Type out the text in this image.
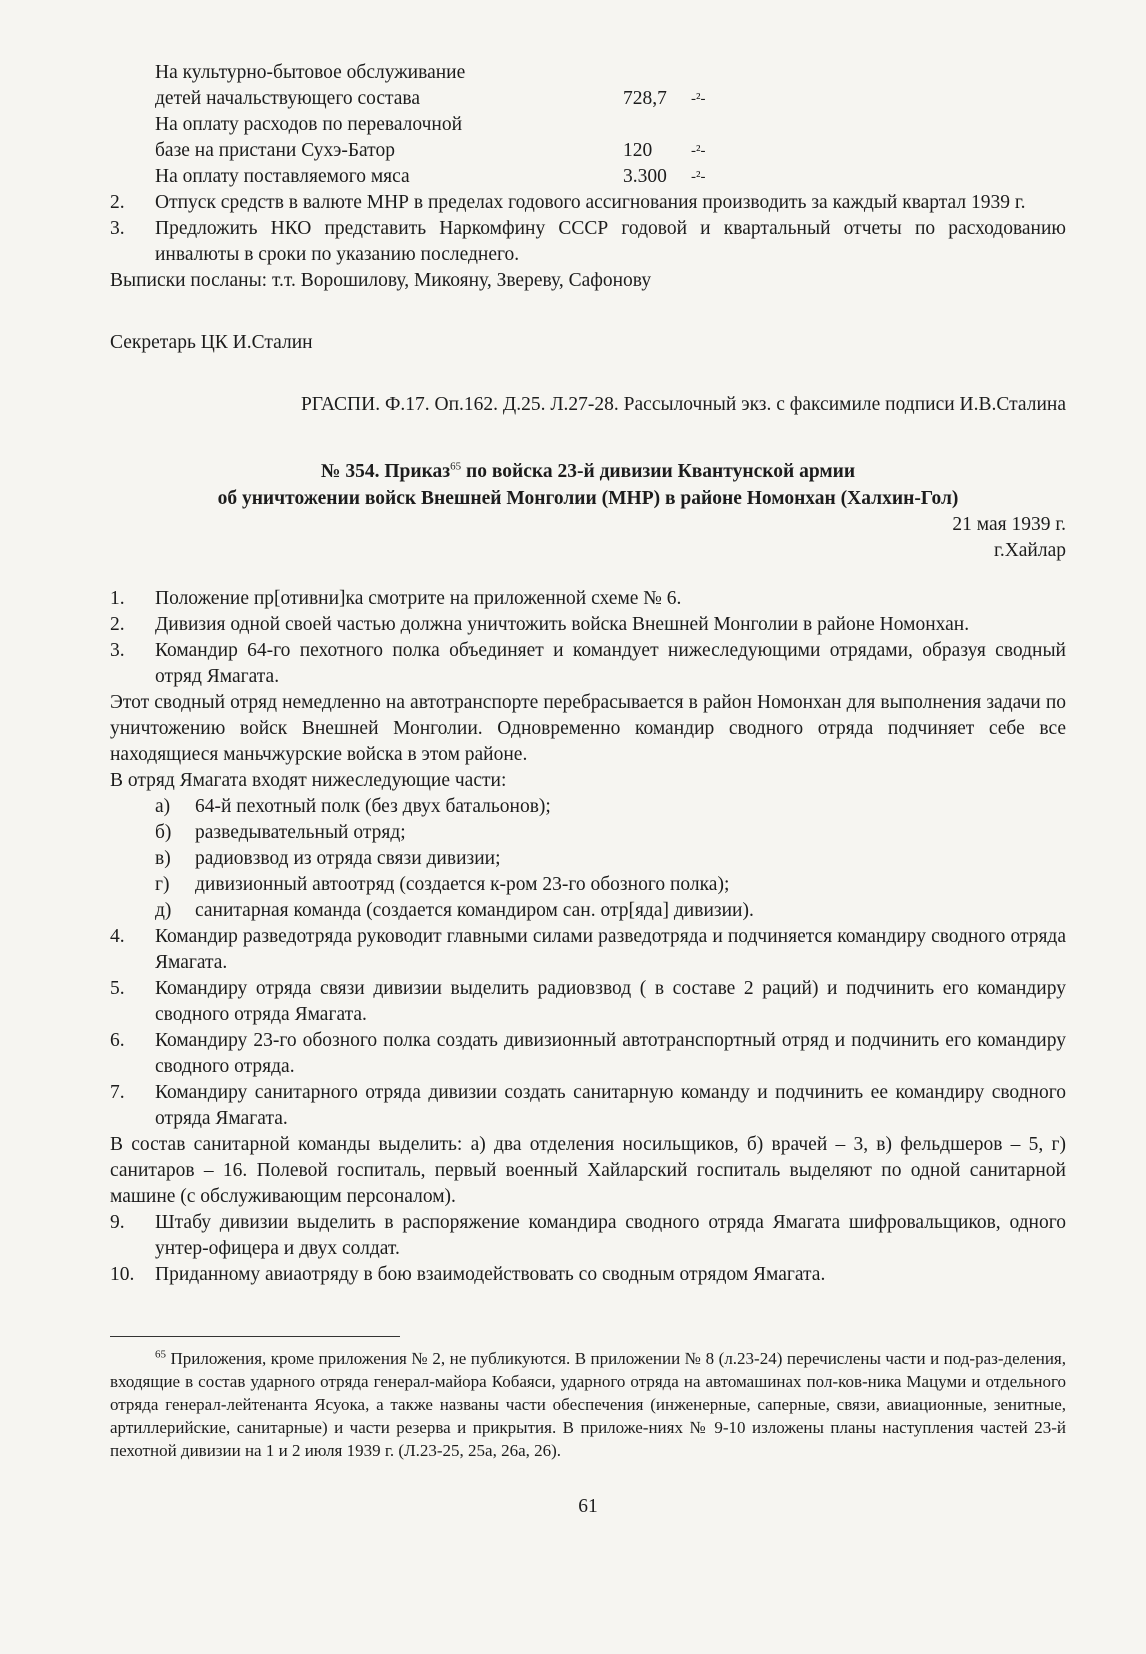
На культурно-бытовое обслуживание
детей начальствующего состава	728,7	-²-
На оплату расходов по перевалочной
базе на пристани Сухэ-Батор	120	-²-
На оплату поставляемого мяса	3.300	-²-
2.	Отпуск средств в валюте МНР в пределах годового ассигнования производить за каждый квартал 1939 г.
3.	Предложить НКО представить Наркомфину СССР годовой и квартальный отчеты по расходованию инвалюты в сроки по указанию последнего.
Выписки посланы: т.т. Ворошилову, Микояну, Звереву, Сафонову
Секретарь ЦК И.Сталин
РГАСПИ. Ф.17. Оп.162. Д.25. Л.27-28. Рассылочный экз. с факсимиле подписи И.В.Сталина
№ 354. Приказ$^{65}$ по войска 23-й дивизии Квантунской армии
об уничтожении войск Внешней Монголии (МНР) в районе Номонхан (Халхин-Гол)
21 мая 1939 г.
г.Хайлар
1.	Положение пр[отивни]ка смотрите на приложенной схеме № 6.
2.	Дивизия одной своей частью должна уничтожить войска Внешней Монголии в районе Номонхан.
3.	Командир 64-го пехотного полка объединяет и командует нижеследующими отрядами, образуя сводный отряд Ямагата.
Этот сводный отряд немедленно на автотранспорте перебрасывается в район Номонхан для выполнения задачи по уничтожению войск Внешней Монголии. Одновременно командир сводного отряда подчиняет себе все находящиеся маньчжурские войска в этом районе.
В отряд Ямагата входят нижеследующие части:
а)	64-й пехотный полк (без двух батальонов);
б)	разведывательный отряд;
в)	радиовзвод из отряда связи дивизии;
г)	дивизионный автоотряд (создается к-ром 23-го обозного полка);
д)	санитарная команда (создается командиром сан. отр[яда] дивизии).
4.	Командир разведотряда руководит главными силами разведотряда и подчиняется командиру сводного отряда Ямагата.
5.	Командиру отряда связи дивизии выделить радиовзвод ( в составе 2 раций) и подчинить его командиру сводного отряда Ямагата.
6.	Командиру 23-го обозного полка создать дивизионный автотранспортный отряд и подчинить его командиру сводного отряда.
7.	Командиру санитарного отряда дивизии создать санитарную команду и подчинить ее командиру сводного отряда Ямагата.
В состав санитарной команды выделить: а) два отделения носильщиков, б) врачей – 3, в) фельдшеров – 5, г) санитаров – 16. Полевой госпиталь, первый военный Хайларский госпиталь выделяют по одной санитарной машине (с обслуживающим персоналом).
9.	Штабу дивизии выделить в распоряжение командира сводного отряда Ямагата шифровальщиков, одного унтер-офицера и двух солдат.
10.	Приданному авиаотряду в бою взаимодействовать со сводным отрядом Ямагата.
$^{65}$ Приложения, кроме приложения № 2, не публикуются. В приложении № 8 (л.23-24) перечислены части и под-раз-деления, входящие в состав ударного отряда генерал-майора Кобаяси, ударного отряда на автомашинах пол-ков-ника Мацуми и отдельного отряда генерал-лейтенанта Ясуока, а также названы части обеспечения (инженерные, саперные, связи, авиационные, зенитные, артиллерийские, санитарные) и части резерва и прикрытия. В приложе-ниях № 9-10 изложены планы наступления частей 23-й пехотной дивизии на 1 и 2 июля 1939 г. (Л.23-25, 25а, 26а, 26).
61
